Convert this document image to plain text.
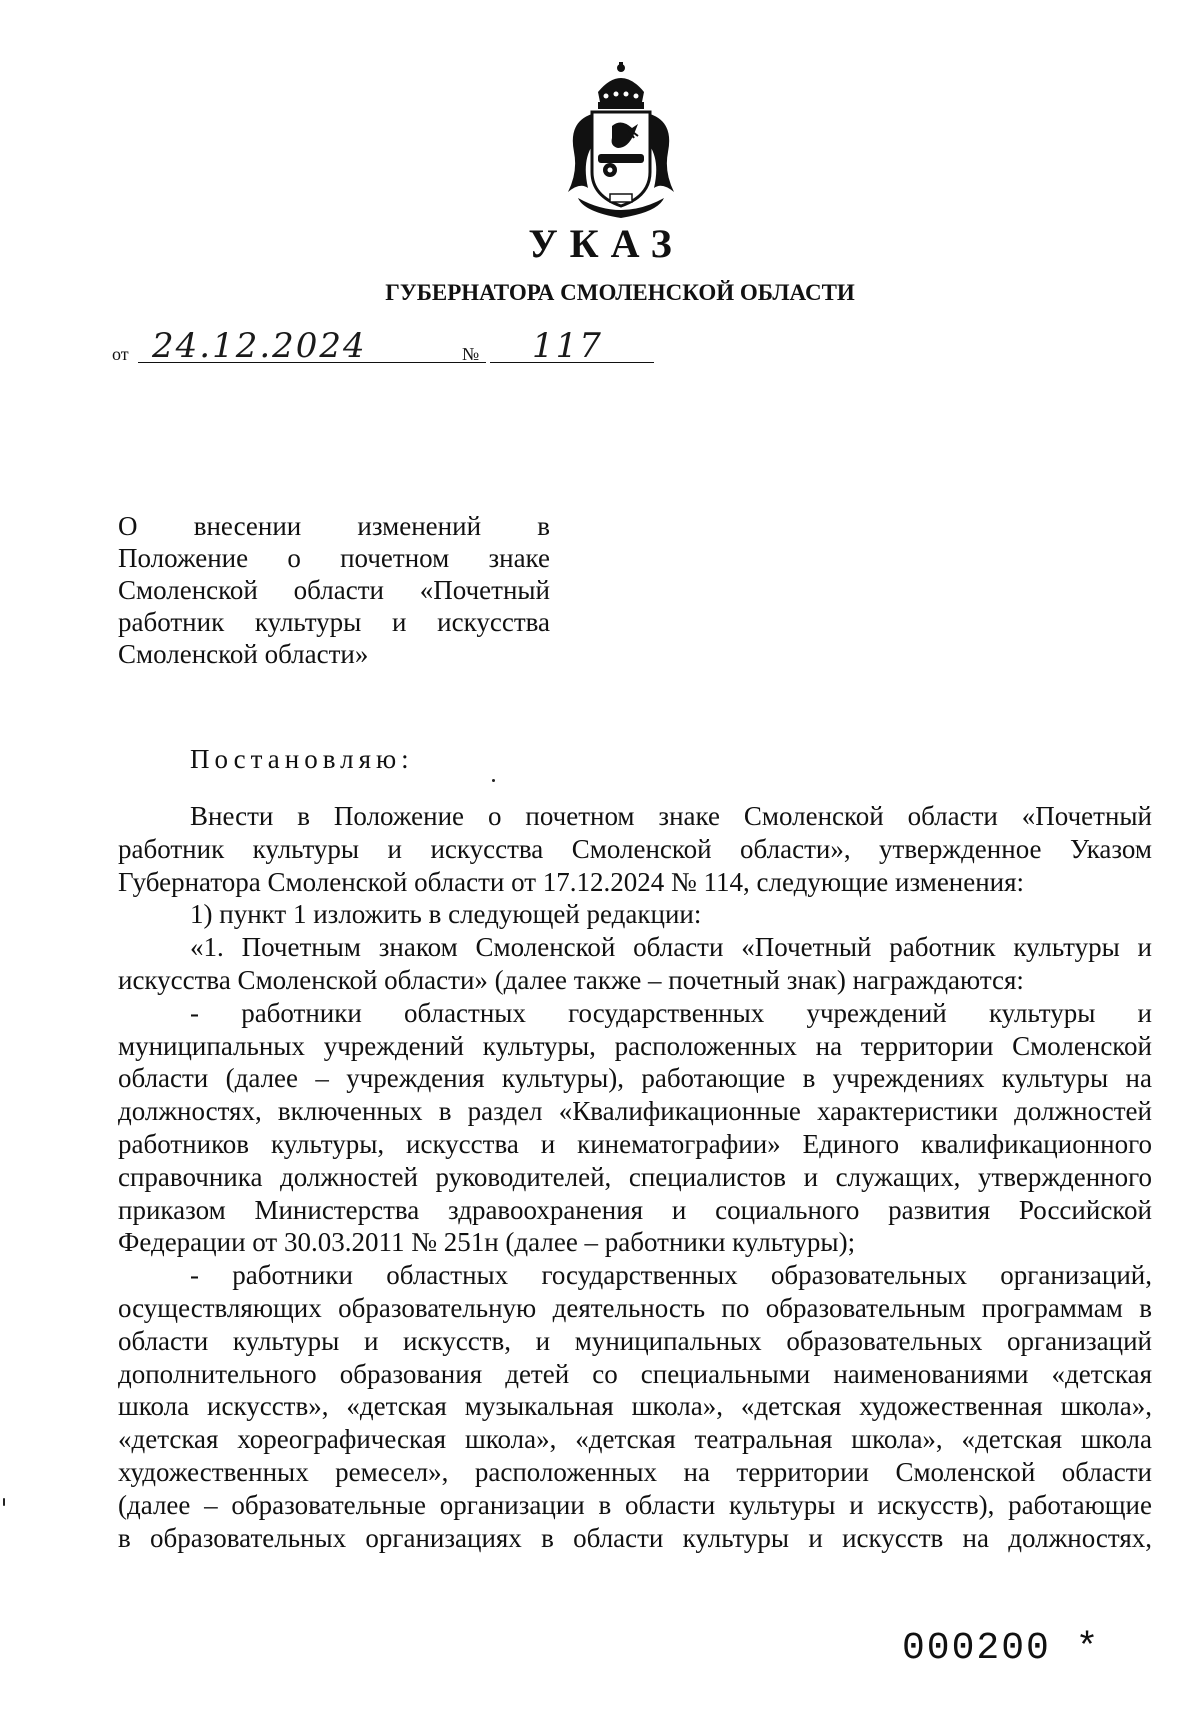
УКАЗ
ГУБЕРНАТОРА СМОЛЕНСКОЙ ОБЛАСТИ
от 24.12.2024	№ 117
О внесении изменений в
Положение о почетном знаке
Смоленской области «Почетный
работник культуры и искусства
Смоленской области»
Постановляю:
Внести в Положение о почетном знаке Смоленской области «Почетный
работник культуры и искусства Смоленской области», утвержденное Указом
Губернатора Смоленской области от 17.12.2024 № 114, следующие изменения:
1) пункт 1 изложить в следующей редакции:
«1. Почетным знаком Смоленской области «Почетный работник культуры и
искусства Смоленской области» (далее также – почетный знак) награждаются:
- работники областных государственных учреждений культуры и
муниципальных учреждений культуры, расположенных на территории Смоленской
области (далее – учреждения культуры), работающие в учреждениях культуры на
должностях, включенных в раздел «Квалификационные характеристики должностей
работников культуры, искусства и кинематографии» Единого квалификационного
справочника должностей руководителей, специалистов и служащих, утвержденного
приказом Министерства здравоохранения и социального развития Российской
Федерации от 30.03.2011 № 251н (далее – работники культуры);
- работники областных государственных образовательных организаций,
осуществляющих образовательную деятельность по образовательным программам в
области культуры и искусств, и муниципальных образовательных организаций
дополнительного образования детей со специальными наименованиями «детская
школа искусств», «детская музыкальная школа», «детская художественная школа»,
«детская хореографическая школа», «детская театральная школа», «детская школа
художественных ремесел», расположенных на территории Смоленской области
(далее – образовательные организации в области культуры и искусств), работающие
в образовательных организациях в области культуры и искусств на должностях,
000200 *
